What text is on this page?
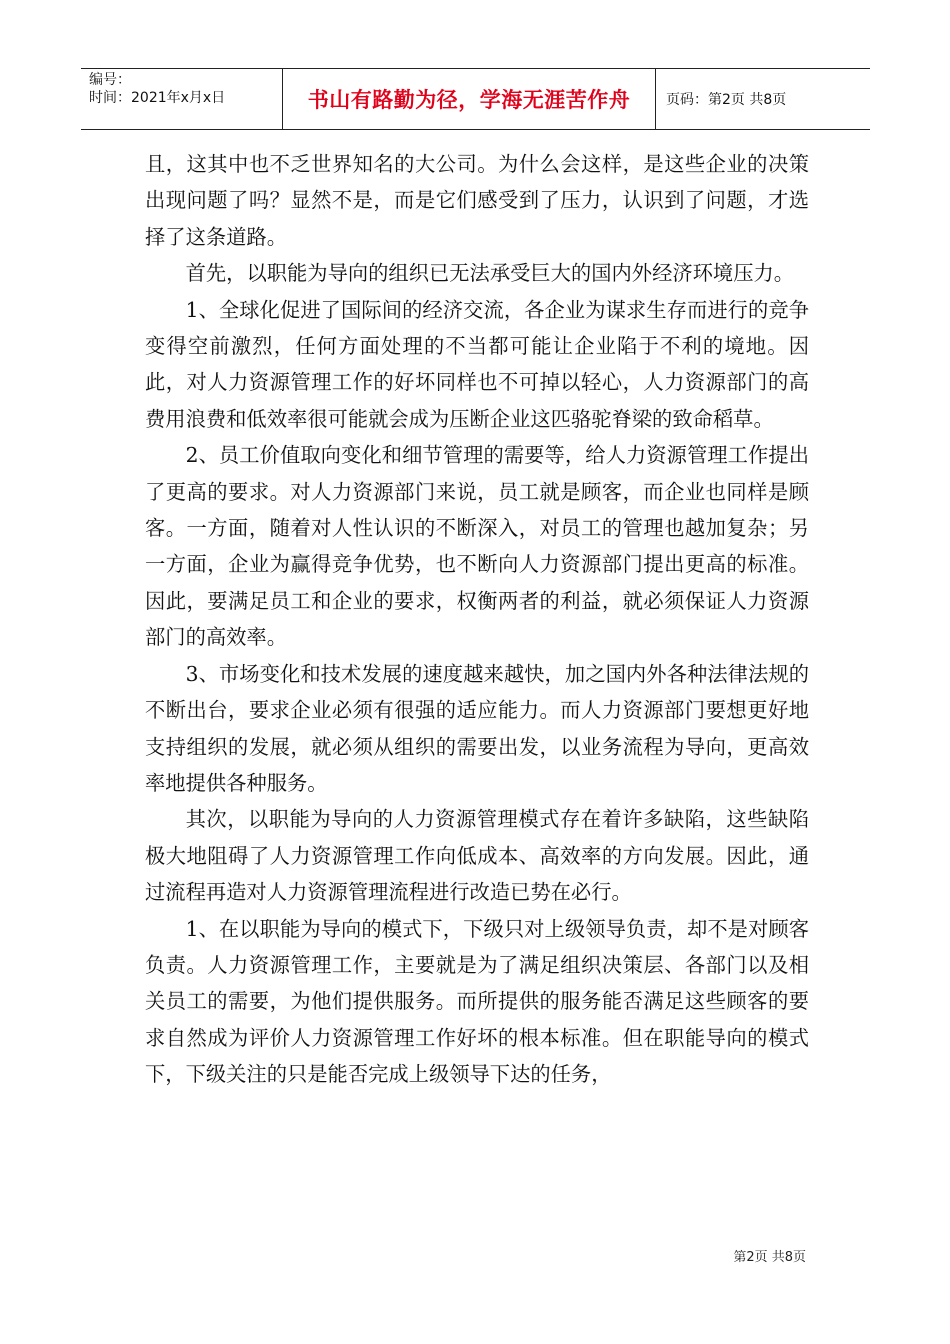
编号：
时间：2021年x月x日	书山有路勤为径，学海无涯苦作舟	页码：第2页 共8页

且，这其中也不乏世界知名的大公司。为什么会这样，是这些企业的决策出现问题了吗？显然不是，而是它们感受到了压力，认识到了问题，才选择了这条道路。

首先，以职能为导向的组织已无法承受巨大的国内外经济环境压力。

1、全球化促进了国际间的经济交流，各企业为谋求生存而进行的竞争变得空前激烈，任何方面处理的不当都可能让企业陷于不利的境地。因此，对人力资源管理工作的好坏同样也不可掉以轻心，人力资源部门的高费用浪费和低效率很可能就会成为压断企业这匹骆驼脊梁的致命稻草。

2、员工价值取向变化和细节管理的需要等，给人力资源管理工作提出了更高的要求。对人力资源部门来说，员工就是顾客，而企业也同样是顾客。一方面，随着对人性认识的不断深入，对员工的管理也越加复杂；另一方面，企业为赢得竞争优势，也不断向人力资源部门提出更高的标准。因此，要满足员工和企业的要求，权衡两者的利益，就必须保证人力资源部门的高效率。

3、市场变化和技术发展的速度越来越快，加之国内外各种法律法规的不断出台，要求企业必须有很强的适应能力。而人力资源部门要想更好地支持组织的发展，就必须从组织的需要出发，以业务流程为导向，更高效率地提供各种服务。

其次，以职能为导向的人力资源管理模式存在着许多缺陷，这些缺陷极大地阻碍了人力资源管理工作向低成本、高效率的方向发展。因此，通过流程再造对人力资源管理流程进行改造已势在必行。

1、在以职能为导向的模式下，下级只对上级领导负责，却不是对顾客负责。人力资源管理工作，主要就是为了满足组织决策层、各部门以及相关员工的需要，为他们提供服务。而所提供的服务能否满足这些顾客的要求自然成为评价人力资源管理工作好坏的根本标准。但在职能导向的模式下，下级关注的只是能否完成上级领导下达的任务，

第2页 共8页
